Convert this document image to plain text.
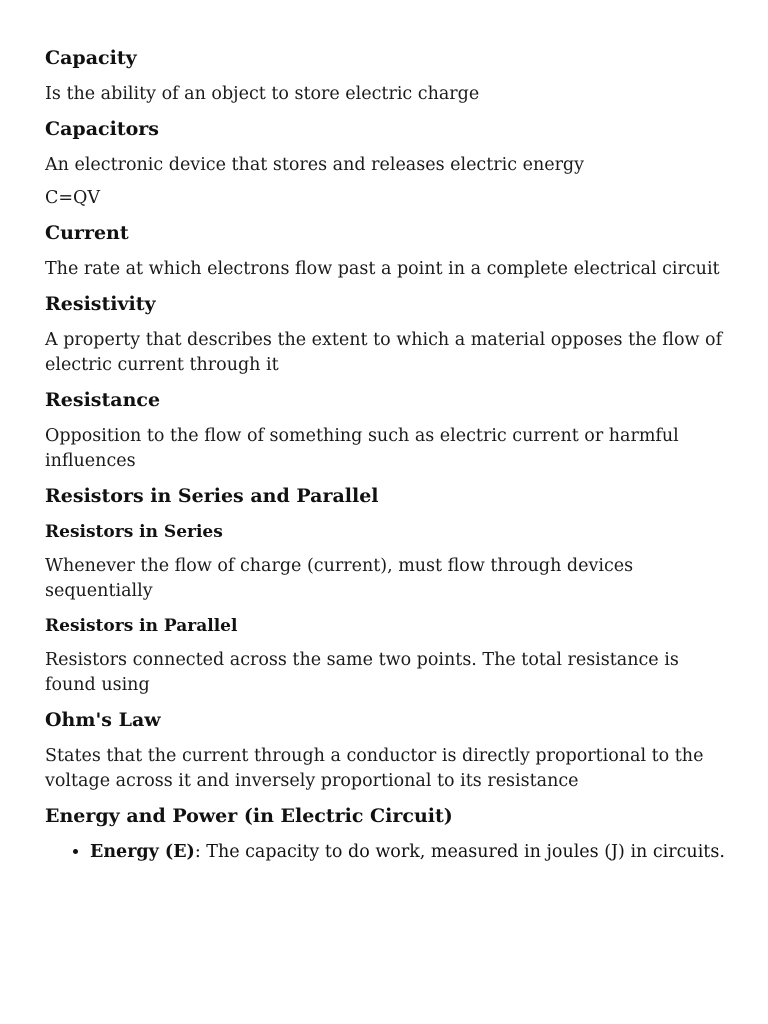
Capacity
Is the ability of an object to store electric charge
Capacitors
An electronic device that stores and releases electric energy
C=QV
Current
The rate at which electrons flow past a point in a complete electrical circuit
Resistivity
A property that describes the extent to which a material opposes the flow of electric current through it
Resistance
Opposition to the flow of something such as electric current or harmful influences
Resistors in Series and Parallel
Resistors in Series
Whenever the flow of charge (current), must flow through devices sequentially
Resistors in Parallel
Resistors connected across the same two points. The total resistance is found using
Ohm's Law
States that the current through a conductor is directly proportional to the voltage across it and inversely proportional to its resistance
Energy and Power (in Electric Circuit)
• Energy (E): The capacity to do work, measured in joules (J) in circuits.
